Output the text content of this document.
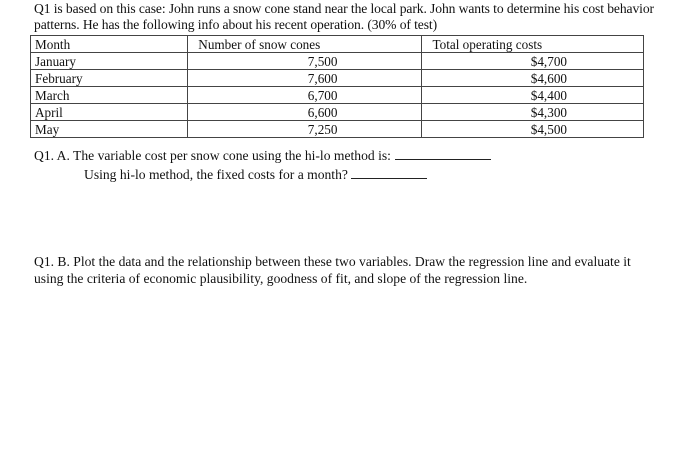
Q1 is based on this case: John runs a snow cone stand near the local park. John wants to determine his cost behavior
patterns. He has the following info about his recent operation. (30% of test)
Month	Number of snow cones	Total operating costs
January	7,500	$4,700
February	7,600	$4,600
March	6,700	$4,400
April	6,600	$4,300
May	7,250	$4,500
Q1. A. The variable cost per snow cone using the hi-lo method is:
Using hi-lo method, the fixed costs for a month?
Q1. B. Plot the data and the relationship between these two variables. Draw the regression line and evaluate it
using the criteria of economic plausibility, goodness of fit, and slope of the regression line.
